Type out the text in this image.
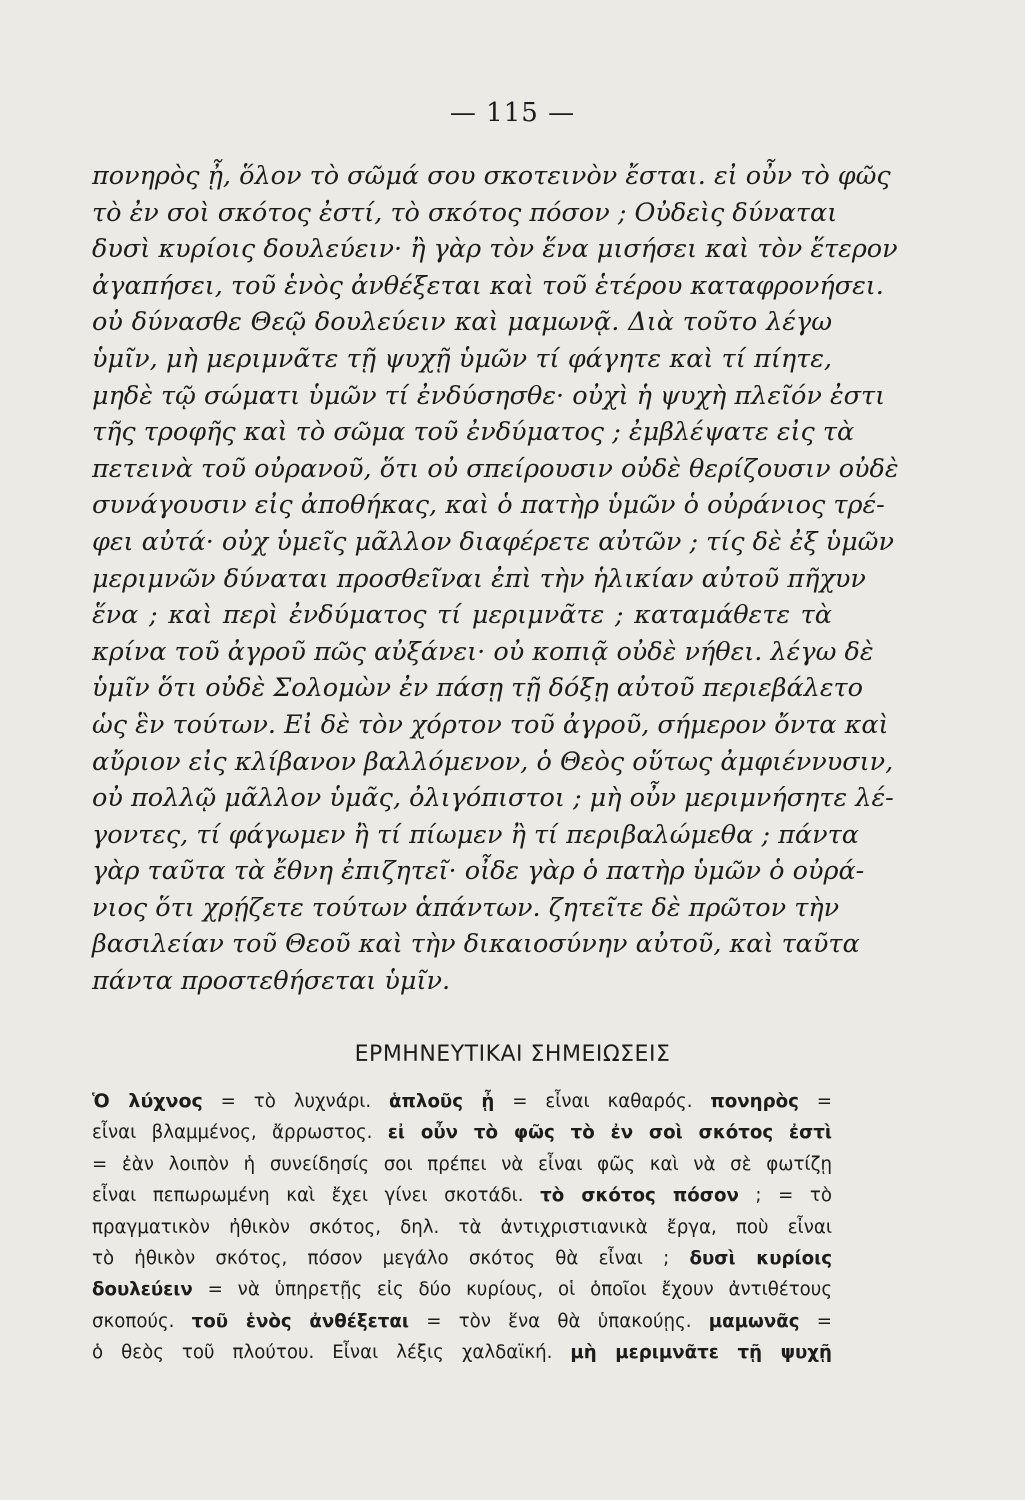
— 115 —
πονηρὸς ᾖ, ὅλον τὸ σῶμά σου σκοτεινὸν ἔσται. εἰ οὖν τὸ φῶς
τὸ ἐν σοὶ σκότος ἐστί, τὸ σκότος πόσον ; Οὐδεὶς δύναται
δυσὶ κυρίοις δουλεύειν· ἢ γὰρ τὸν ἕνα μισήσει καὶ τὸν ἕτερον
ἀγαπήσει, τοῦ ἑνὸς ἀνθέξεται καὶ τοῦ ἑτέρου καταφρονήσει.
οὐ δύνασθε Θεῷ δουλεύειν καὶ μαμωνᾷ. Διὰ τοῦτο λέγω
ὑμῖν, μὴ μεριμνᾶτε τῇ ψυχῇ ὑμῶν τί φάγητε καὶ τί πίητε,
μηδὲ τῷ σώματι ὑμῶν τί ἐνδύσησθε· οὐχὶ ἡ ψυχὴ πλεῖόν ἐστι
τῆς τροφῆς καὶ τὸ σῶμα τοῦ ἐνδύματος ; ἐμβλέψατε εἰς τὰ
πετεινὰ τοῦ οὐρανοῦ, ὅτι οὐ σπείρουσιν οὐδὲ θερίζουσιν οὐδὲ
συνάγουσιν εἰς ἀποθήκας, καὶ ὁ πατὴρ ὑμῶν ὁ οὐράνιος τρέ-
φει αὐτά· οὐχ ὑμεῖς μᾶλλον διαφέρετε αὐτῶν ; τίς δὲ ἐξ ὑμῶν
μεριμνῶν δύναται προσθεῖναι ἐπὶ τὴν ἡλικίαν αὐτοῦ πῆχυν
ἕνα ; καὶ περὶ ἐνδύματος τί μεριμνᾶτε ; καταμάθετε τὰ
κρίνα τοῦ ἀγροῦ πῶς αὐξάνει· οὐ κοπιᾷ οὐδὲ νήθει. λέγω δὲ
ὑμῖν ὅτι οὐδὲ Σολομὼν ἐν πάσῃ τῇ δόξῃ αὐτοῦ περιεβάλετο
ὡς ἓν τούτων. Εἰ δὲ τὸν χόρτον τοῦ ἀγροῦ, σήμερον ὄντα καὶ
αὔριον εἰς κλίβανον βαλλόμενον, ὁ Θεὸς οὕτως ἀμφιέννυσιν,
οὐ πολλῷ μᾶλλον ὑμᾶς, ὀλιγόπιστοι ; μὴ οὖν μεριμνήσητε λέ-
γοντες, τί φάγωμεν ἢ τί πίωμεν ἢ τί περιβαλώμεθα ; πάντα
γὰρ ταῦτα τὰ ἔθνη ἐπιζητεῖ· οἶδε γὰρ ὁ πατὴρ ὑμῶν ὁ οὐρά-
νιος ὅτι χρῄζετε τούτων ἁπάντων. ζητεῖτε δὲ πρῶτον τὴν
βασιλείαν τοῦ Θεοῦ καὶ τὴν δικαιοσύνην αὐτοῦ, καὶ ταῦτα
πάντα προστεθήσεται ὑμῖν.
ΕΡΜΗΝΕΥΤΙΚΑΙ ΣΗΜΕΙΩΣΕΙΣ
Ὁ λύχνος = τὸ λυχνάρι. ἁπλοῦς ᾖ = εἶναι καθαρός. πονηρὸς =
εἶναι βλαμμένος, ἄρρωστος. εἰ οὖν τὸ φῶς τὸ ἐν σοὶ σκότος ἐστὶ
= ἐὰν λοιπὸν ἡ συνείδησίς σοι πρέπει νὰ εἶναι φῶς καὶ νὰ σὲ φωτίζῃ
εἶναι πεπωρωμένη καὶ ἔχει γίνει σκοτάδι. τὸ σκότος πόσον ; = τὸ
πραγματικὸν ἠθικὸν σκότος, δηλ. τὰ ἀντιχριστιανικὰ ἔργα, ποὺ εἶναι
τὸ ἠθικὸν σκότος, πόσον μεγάλο σκότος θὰ εἶναι ; δυσὶ κυρίοις
δουλεύειν = νὰ ὑπηρετῇς εἰς δύο κυρίους, οἱ ὁποῖοι ἔχουν ἀντιθέτους
σκοπούς. τοῦ ἑνὸς ἀνθέξεται = τὸν ἕνα θὰ ὑπακούῃς. μαμωνᾶς =
ὁ θεὸς τοῦ πλούτου. Εἶναι λέξις χαλδαϊκή. μὴ μεριμνᾶτε τῇ ψυχῇ
